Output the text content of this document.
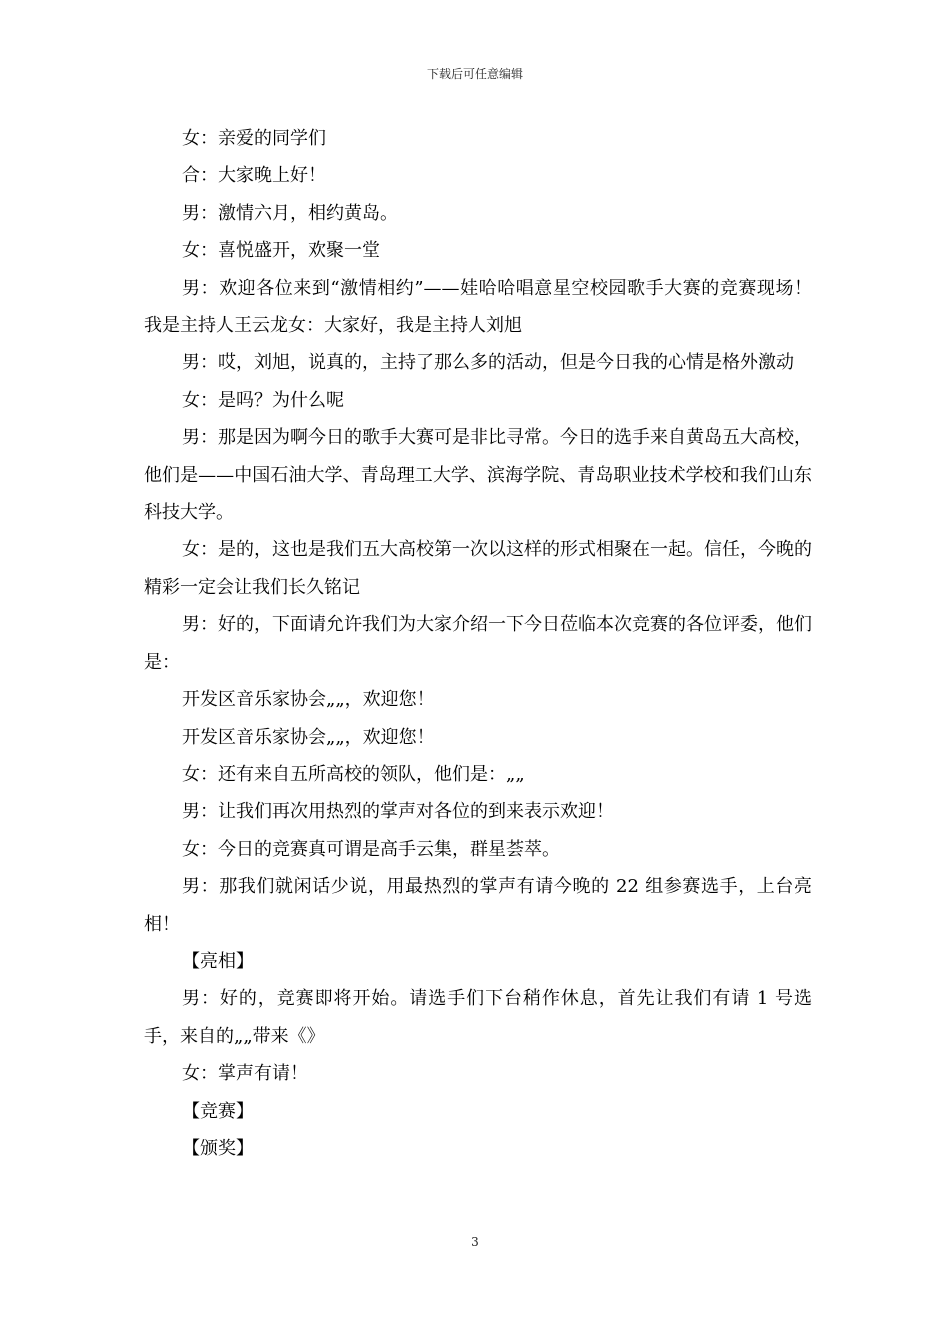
下载后可任意编辑

女：亲爱的同学们

合：大家晚上好！

男：激情六月，相约黄岛。

女：喜悦盛开，欢聚一堂

男：欢迎各位来到“激情相约”——娃哈哈唱意星空校园歌手大赛的竞赛现场！我是主持人王云龙女：大家好，我是主持人刘旭

男：哎，刘旭，说真的，主持了那么多的活动，但是今日我的心情是格外激动

女：是吗？为什么呢

男：那是因为啊今日的歌手大赛可是非比寻常。今日的选手来自黄岛五大高校，他们是——中国石油大学、青岛理工大学、滨海学院、青岛职业技术学校和我们山东科技大学。

女：是的，这也是我们五大高校第一次以这样的形式相聚在一起。信任，今晚的精彩一定会让我们长久铭记

男：好的，下面请允许我们为大家介绍一下今日莅临本次竞赛的各位评委，他们是：

开发区音乐家协会„„，欢迎您！

开发区音乐家协会„„，欢迎您！

女：还有来自五所高校的领队，他们是：„„

男：让我们再次用热烈的掌声对各位的到来表示欢迎！

女：今日的竞赛真可谓是高手云集，群星荟萃。

男：那我们就闲话少说，用最热烈的掌声有请今晚的 22 组参赛选手，上台亮相！

【亮相】

男：好的，竞赛即将开始。请选手们下台稍作休息，首先让我们有请 1 号选手，来自的„„带来《》

女：掌声有请！

【竞赛】

【颁奖】

3
